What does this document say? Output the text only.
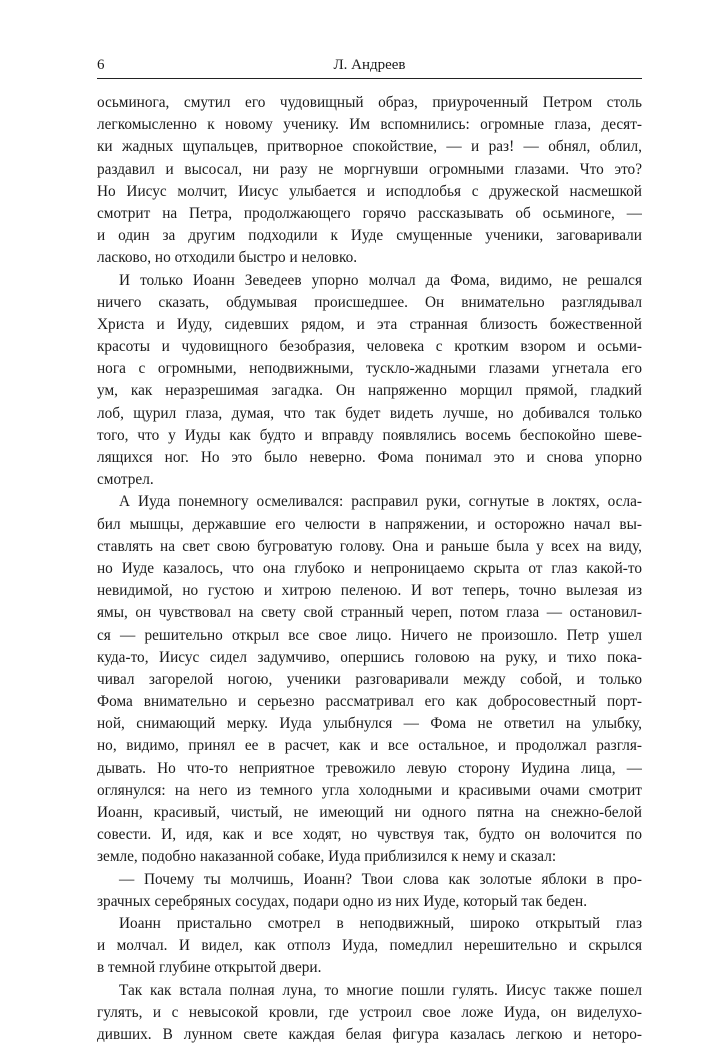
6	Л. Андреев
осьминога, смутил его чудовищный образ, приуроченный Петром столь
легкомысленно к новому ученику. Им вспомнились: огромные глаза, десят-
ки жадных щупальцев, притворное спокойствие, — и раз! — обнял, облил,
раздавил и высосал, ни разу не моргнувши огромными глазами. Что это?
Но Иисус молчит, Иисус улыбается и исподлобья с дружеской насмешкой
смотрит на Петра, продолжающего горячо рассказывать об осьминоге, —
и один за другим подходили к Иуде смущенные ученики, заговаривали
ласково, но отходили быстро и неловко.
И только Иоанн Зеведеев упорно молчал да Фома, видимо, не решался
ничего сказать, обдумывая происшедшее. Он внимательно разглядывал
Христа и Иуду, сидевших рядом, и эта странная близость божественной
красоты и чудовищного безобразия, человека с кротким взором и осьми-
нога с огромными, неподвижными, тускло-жадными глазами угнетала его
ум, как неразрешимая загадка. Он напряженно морщил прямой, гладкий
лоб, щурил глаза, думая, что так будет видеть лучше, но добивался только
того, что у Иуды как будто и вправду появлялись восемь беспокойно шеве-
лящихся ног. Но это было неверно. Фома понимал это и снова упорно
смотрел.
А Иуда понемногу осмеливался: расправил руки, согнутые в локтях, осла-
бил мышцы, державшие его челюсти в напряжении, и осторожно начал вы-
ставлять на свет свою бугроватую голову. Она и раньше была у всех на виду,
но Иуде казалось, что она глубоко и непроницаемо скрыта от глаз какой-то
невидимой, но густою и хитрою пеленою. И вот теперь, точно вылезая из
ямы, он чувствовал на свету свой странный череп, потом глаза — остановил-
ся — решительно открыл все свое лицо. Ничего не произошло. Петр ушел
куда-то, Иисус сидел задумчиво, опершись головою на руку, и тихо пока-
чивал загорелой ногою, ученики разговаривали между собой, и только
Фома внимательно и серьезно рассматривал его как добросовестный порт-
ной, снимающий мерку. Иуда улыбнулся — Фома не ответил на улыбку,
но, видимо, принял ее в расчет, как и все остальное, и продолжал разгля-
дывать. Но что-то неприятное тревожило левую сторону Иудина лица, —
оглянулся: на него из темного угла холодными и красивыми очами смотрит
Иоанн, красивый, чистый, не имеющий ни одного пятна на снежно-белой
совести. И, идя, как и все ходят, но чувствуя так, будто он волочится по
земле, подобно наказанной собаке, Иуда приблизился к нему и сказал:
— Почему ты молчишь, Иоанн? Твои слова как золотые яблоки в про-
зрачных серебряных сосудах, подари одно из них Иуде, который так беден.
Иоанн пристально смотрел в неподвижный, широко открытый глаз
и молчал. И видел, как отполз Иуда, помедлил нерешительно и скрылся
в темной глубине открытой двери.
Так как встала полная луна, то многие пошли гулять. Иисус также пошел
гулять, и с невысокой кровли, где устроил свое ложе Иуда, он виделухо-
дивших. В лунном свете каждая белая фигура казалась легкою и неторо-
